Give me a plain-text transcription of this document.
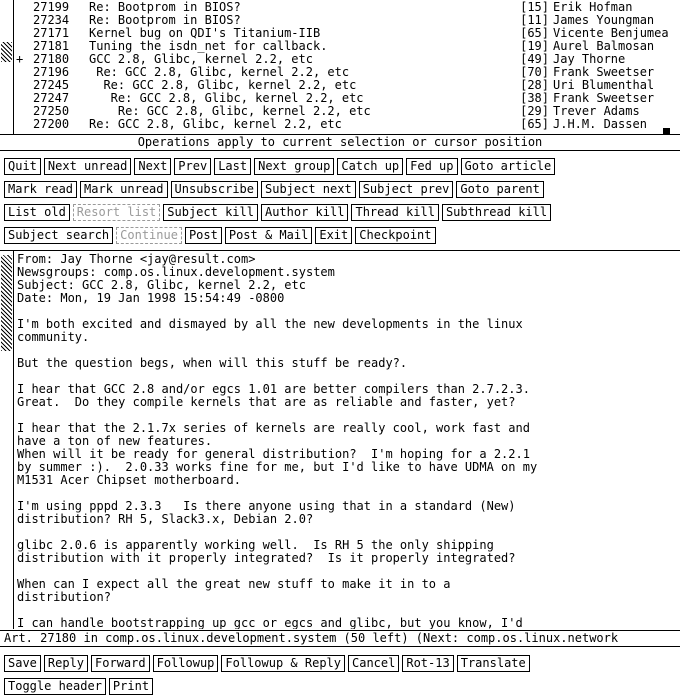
27199 Re: Bootprom in BIOS?	[15] Erik Hofman
27234 Re: Bootprom in BIOS?	[11] James Youngman
27171 Kernel bug on QDI's Titanium-IIB	[65] Vicente Benjumea
27181 Tuning the isdn_net for callback.	[19] Aurel Balmosan
+ 27180 GCC 2.8, Glibc, kernel 2.2, etc	[49] Jay Thorne
27196 Re: GCC 2.8, Glibc, kernel 2.2, etc	[70] Frank Sweetser
27245 Re: GCC 2.8, Glibc, kernel 2.2, etc	[28] Uri Blumenthal
27247 Re: GCC 2.8, Glibc, kernel 2.2, etc	[38] Frank Sweetser
27250 Re: GCC 2.8, Glibc, kernel 2.2, etc	[29] Trever Adams
27200 Re: GCC 2.8, Glibc, kernel 2.2, etc	[65] J.H.M. Dassen
Operations apply to current selection or cursor position
Quit Next unread Next Prev Last Next group Catch up Fed up Goto article
Mark read Mark unread Unsubscribe Subject next Subject prev Goto parent
List old Resort list Subject kill Author kill Thread kill Subthread kill
Subject search Continue Post Post & Mail Exit Checkpoint
From: Jay Thorne <jay@result.com>
Newsgroups: comp.os.linux.development.system
Subject: GCC 2.8, Glibc, kernel 2.2, etc
Date: Mon, 19 Jan 1998 15:54:49 -0800
I'm both excited and dismayed by all the new developments in the linux
community.
But the question begs, when will this stuff be ready?.
I hear that GCC 2.8 and/or egcs 1.01 are better compilers than 2.7.2.3.
Great.  Do they compile kernels that are as reliable and faster, yet?
I hear that the 2.1.7x series of kernels are really cool, work fast and
have a ton of new features.
When will it be ready for general distribution?  I'm hoping for a 2.2.1
by summer :).  2.0.33 works fine for me, but I'd like to have UDMA on my
M1531 Acer Chipset motherboard.
I'm using pppd 2.3.3   Is there anyone using that in a standard (New)
distribution? RH 5, Slack3.x, Debian 2.0?
glibc 2.0.6 is apparently working well.  Is RH 5 the only shipping
distribution with it properly integrated?  Is it properly integrated?
When can I expect all the great new stuff to make it in to a
distribution?
I can handle bootstrapping up gcc or egcs and glibc, but you know, I'd
Art. 27180 in comp.os.linux.development.system (50 left) (Next: comp.os.linux.network
Save Reply Forward Followup Followup & Reply Cancel Rot-13 Translate
Toggle header Print
